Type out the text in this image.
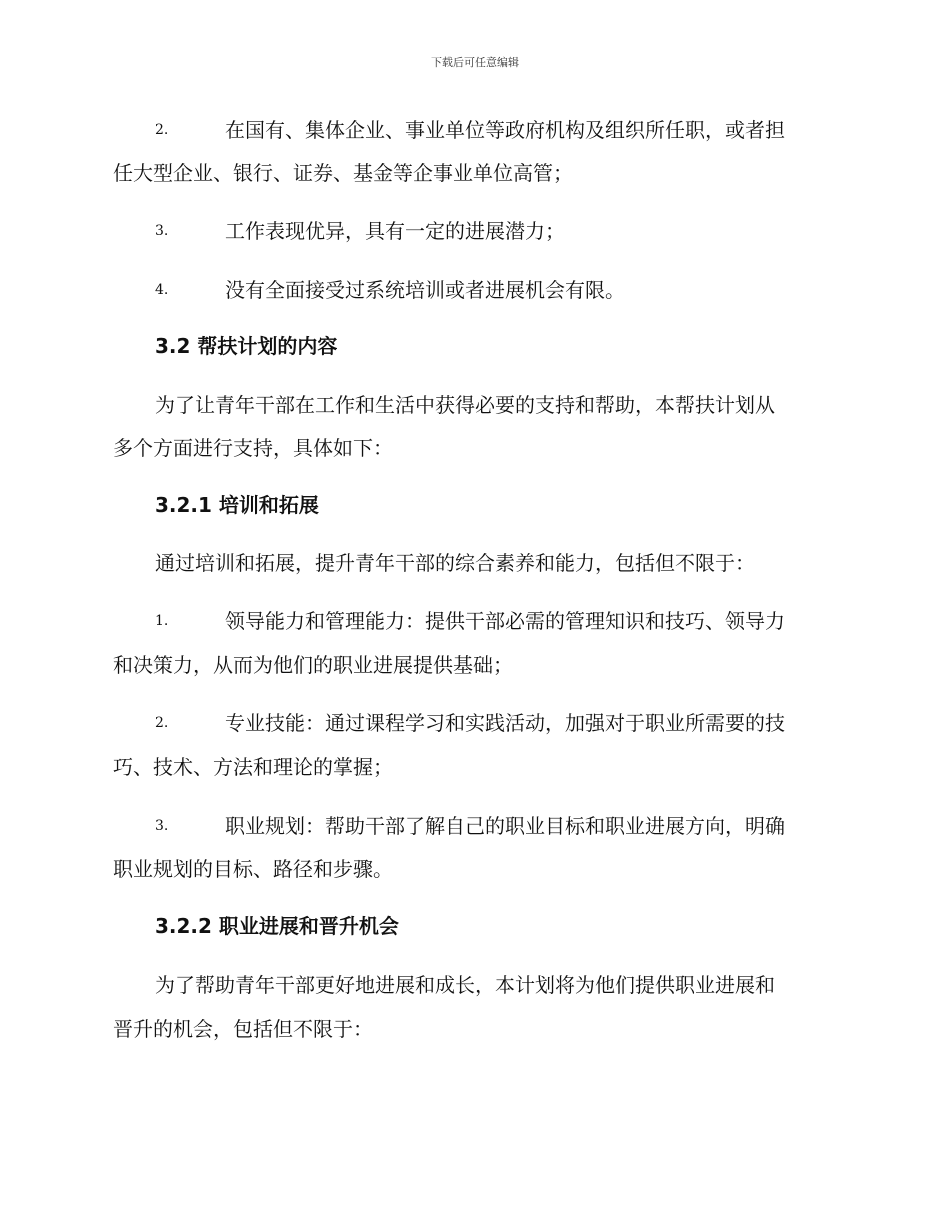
下载后可任意编辑
2.	在国有、集体企业、事业单位等政府机构及组织所任职，或者担
任大型企业、银行、证券、基金等企事业单位高管；
3.	工作表现优异，具有一定的进展潜力；
4.	没有全面接受过系统培训或者进展机会有限。
3.2 帮扶计划的内容
为了让青年干部在工作和生活中获得必要的支持和帮助，本帮扶计划从
多个方面进行支持，具体如下：
3.2.1 培训和拓展
通过培训和拓展，提升青年干部的综合素养和能力，包括但不限于：
1.	领导能力和管理能力：提供干部必需的管理知识和技巧、领导力
和决策力，从而为他们的职业进展提供基础；
2.	专业技能：通过课程学习和实践活动，加强对于职业所需要的技
巧、技术、方法和理论的掌握；
3.	职业规划：帮助干部了解自己的职业目标和职业进展方向，明确
职业规划的目标、路径和步骤。
3.2.2 职业进展和晋升机会
为了帮助青年干部更好地进展和成长，本计划将为他们提供职业进展和
晋升的机会，包括但不限于：
